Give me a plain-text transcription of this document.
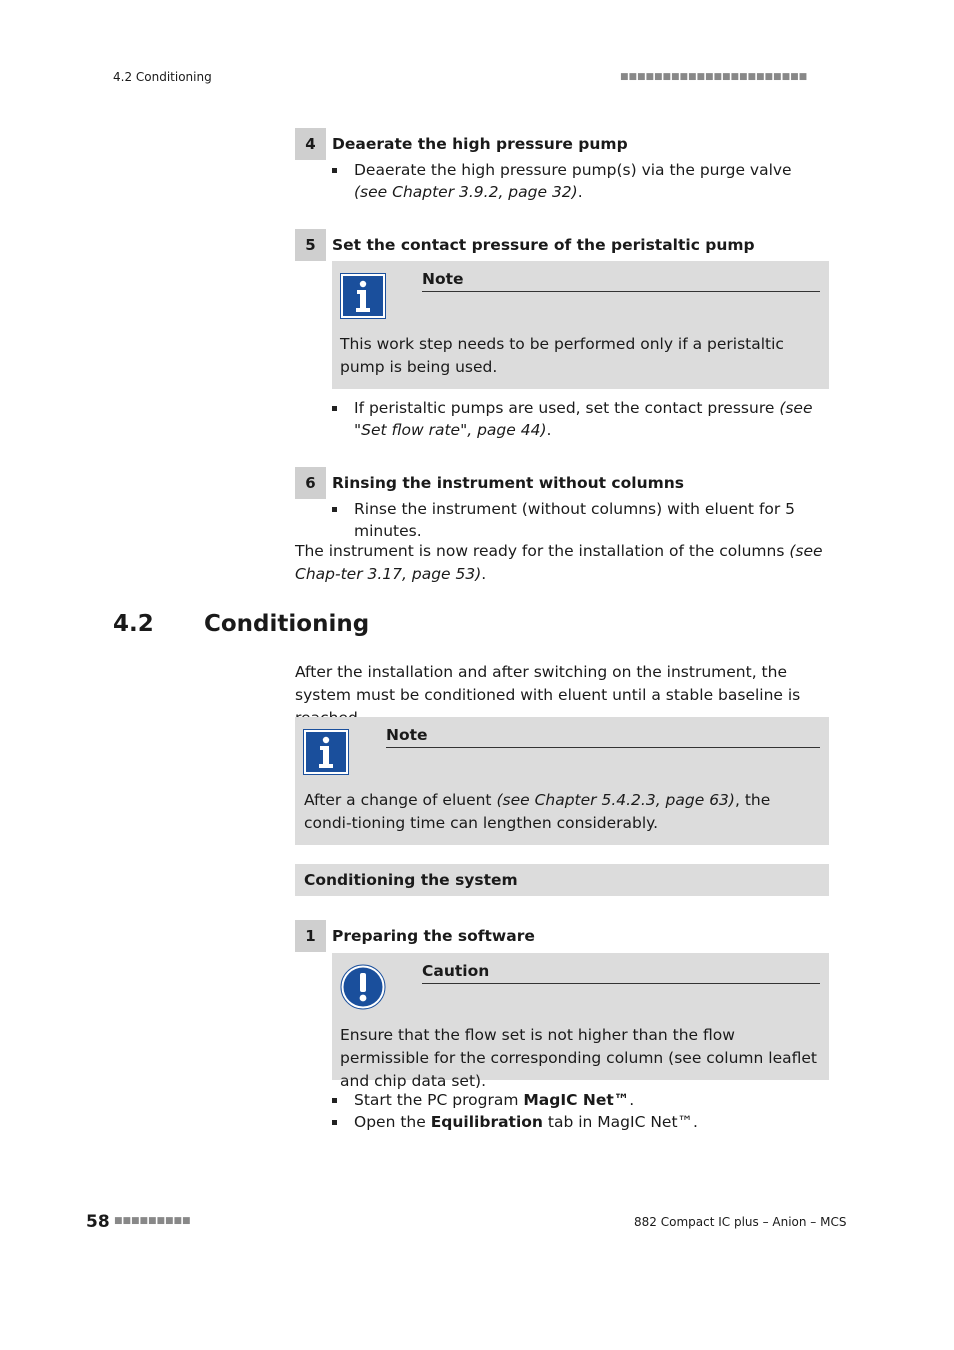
4.2 Conditioning	■■■■■■■■■■■■■■■■■■■■■■
4	Deaerate the high pressure pump
Deaerate the high pressure pump(s) via the purge valve (see Chapter 3.9.2, page 32).
5	Set the contact pressure of the peristaltic pump
Note
This work step needs to be performed only if a peristaltic pump is being used.
If peristaltic pumps are used, set the contact pressure (see "Set flow rate", page 44).
6	Rinsing the instrument without columns
Rinse the instrument (without columns) with eluent for 5 minutes.
The instrument is now ready for the installation of the columns (see Chap-ter 3.17, page 53).
4.2 Conditioning
After the installation and after switching on the instrument, the system must be conditioned with eluent until a stable baseline is
Note
After a change of eluent (see Chapter 5.4.2.3, page 63), the condi-tioning time can lengthen considerably.
Conditioning the system
1	Preparing the software
Caution
Ensure that the flow set is not higher than the flow permissible for the corresponding column (see column leaflet and chip data set).
Start the PC program MagIC Net™.
Open the Equilibration tab in MagIC Net™.
58 ■■■■■■■■■	882 Compact IC plus – Anion – MCS
